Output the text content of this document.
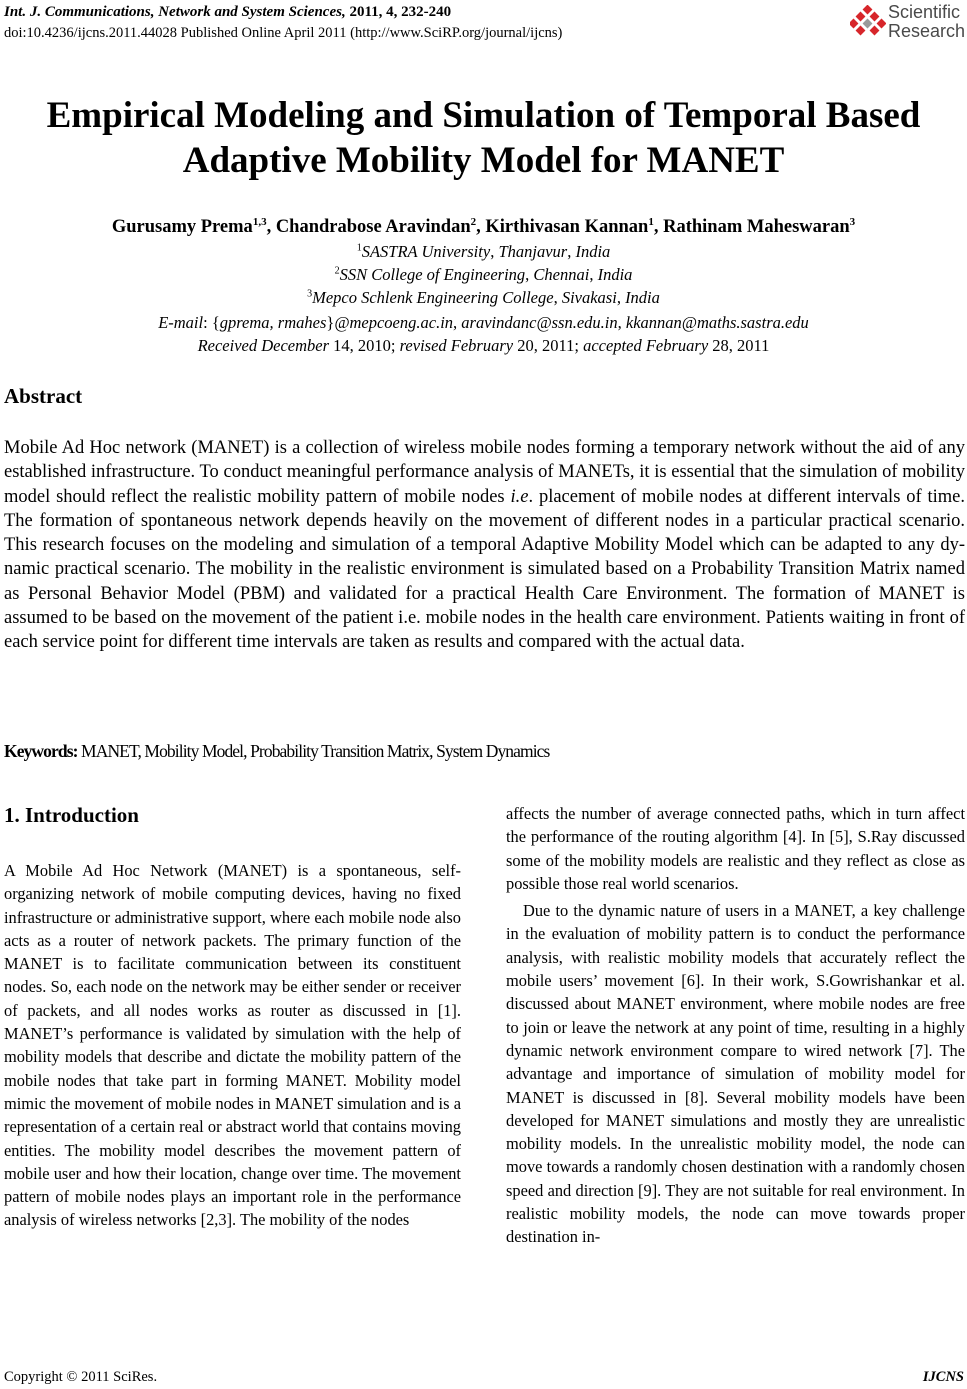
Int. J. Communications, Network and System Sciences, 2011, 4, 232-240
doi:10.4236/ijcns.2011.44028 Published Online April 2011 (http://www.SciRP.org/journal/ijcns)
Scientific
Research
Empirical Modeling and Simulation of Temporal Based
Adaptive Mobility Model for MANET
Gurusamy Prema$^{1,3}$, Chandrabose Aravindan$^2$, Kirthivasan Kannan$^1$, Rathinam Maheswaran$^3$
$^1$SASTRA University, Thanjavur, India
$^2$SSN College of Engineering, Chennai, India
$^3$Mepco Schlenk Engineering College, Sivakasi, India
E-mail: {gprema, rmahes}@mepcoeng.ac.in, aravindanc@ssn.edu.in, kkannan@maths.sastra.edu
Received December 14, 2010; revised February 20, 2011; accepted February 28, 2011
Abstract
Mobile Ad Hoc network (MANET) is a collection of wireless mobile nodes forming a temporary network without the aid of any established infrastructure. To conduct meaningful performance analysis of MANETs, it is essential that the simulation of mobility model should reflect the realistic mobility pattern of mobile nodes i.e. placement of mobile nodes at different intervals of time. The formation of spontaneous network depends heavily on the movement of different nodes in a particular practical scenario. This research focuses on the modeling and simulation of a temporal Adaptive Mobility Model which can be adapted to any dynamic practical scenario. The mobility in the realistic environment is simulated based on a Probability Transition Matrix named as Personal Behavior Model (PBM) and validated for a practical Health Care Environment. The formation of MANET is assumed to be based on the movement of the patient i.e. mobile nodes in the health care environment. Patients waiting in front of each service point for different time intervals are taken as results and compared with the actual data.
Keywords: MANET, Mobility Model, Probability Transition Matrix, System Dynamics
1. Introduction

A Mobile Ad Hoc Network (MANET) is a spontaneous, self-organizing network of mobile computing devices, having no fixed infrastructure or administrative support, where each mobile node also acts as a router of network packets. The primary function of the MANET is to facilitate communication between its constituent nodes. So, each node on the network may be either sender or receiver of packets, and all nodes works as router as discussed in [1]. MANET’s performance is validated by simulation with the help of mobility models that describe and dictate the mobility pattern of the mobile nodes that take part in forming MANET. Mobility model mimic the movement of mobile nodes in MANET simulation and is a representation of a certain real or abstract world that contains moving entities. The mobility model describes the movement pattern of mobile user and how their location, change over time. The movement pattern of mobile nodes plays an important role in the performance analysis of wireless networks [2,3]. The mobility of the nodes

affects the number of average connected paths, which in turn affect the performance of the routing algorithm [4]. In [5], S.Ray discussed some of the mobility models are realistic and they reflect as close as possible those real world scenarios.

Due to the dynamic nature of users in a MANET, a key challenge in the evaluation of mobility pattern is to conduct the performance analysis, with realistic mobility models that accurately reflect the mobile users’ movement [6]. In their work, S.Gowrishankar et al. discussed about MANET environment, where mobile nodes are free to join or leave the network at any point of time, resulting in a highly dynamic network environment compare to wired network [7]. The advantage and importance of simulation of mobility model for MANET is discussed in [8]. Several mobility models have been developed for MANET simulations and mostly they are unrealistic mobility models. In the unrealistic mobility model, the node can move towards a randomly chosen destination with a randomly chosen speed and direction [9]. They are not suitable for real environment. In realistic mobility models, the node can move towards proper destination in-

Copyright © 2011 SciRes.	IJCNS
